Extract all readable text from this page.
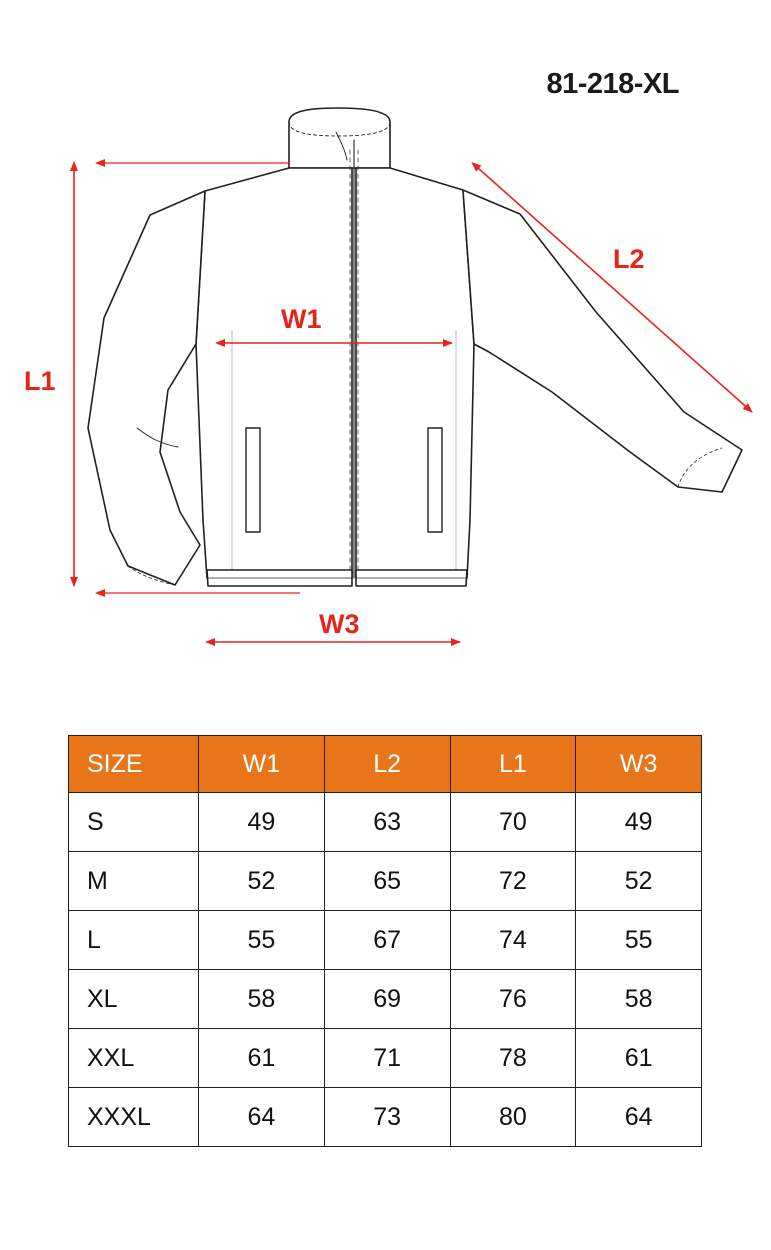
81-218-XL
L1
W1
W3
L2
SIZE	W1	L2	L1	W3
S	49	63	70	49
M	52	65	72	52
L	55	67	74	55
XL	58	69	76	58
XXL	61	71	78	61
XXXL	64	73	80	64
